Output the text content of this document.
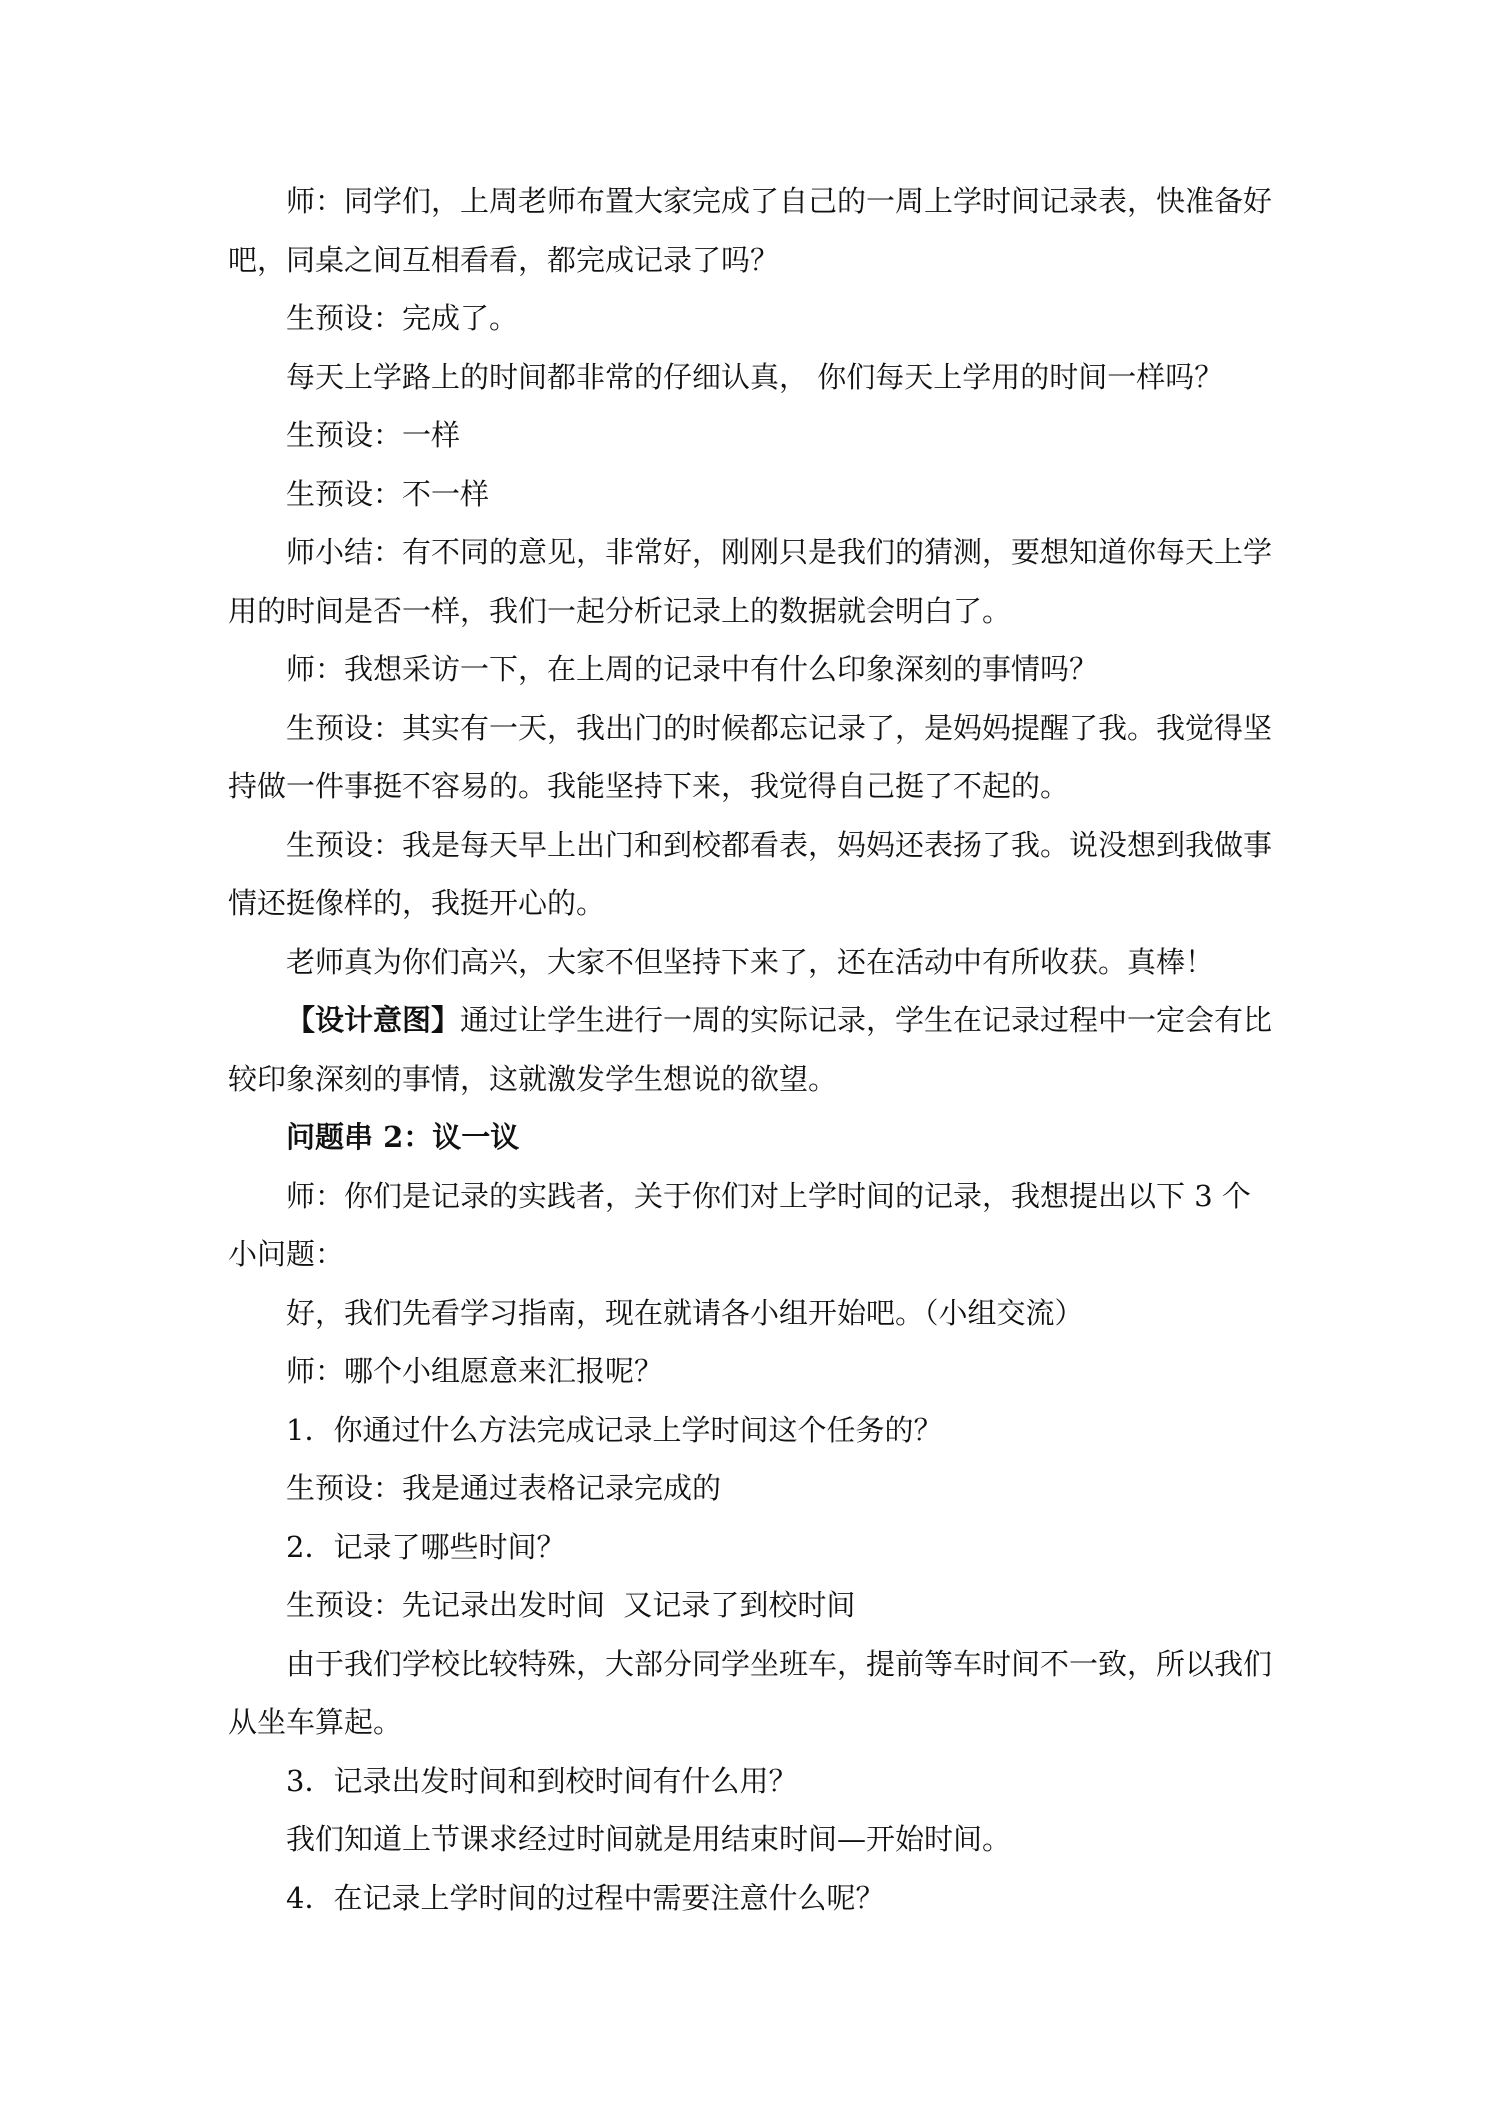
师：同学们，上周老师布置大家完成了自己的一周上学时间记录表，快准备好吧，同桌之间互相看看，都完成记录了吗？

生预设：完成了。

每天上学路上的时间都非常的仔细认真， 你们每天上学用的时间一样吗？

生预设：一样

生预设：不一样

师小结：有不同的意见，非常好，刚刚只是我们的猜测，要想知道你每天上学用的时间是否一样，我们一起分析记录上的数据就会明白了。

师：我想采访一下，在上周的记录中有什么印象深刻的事情吗？

生预设：其实有一天，我出门的时候都忘记录了，是妈妈提醒了我。我觉得坚持做一件事挺不容易的。我能坚持下来，我觉得自己挺了不起的。

生预设：我是每天早上出门和到校都看表，妈妈还表扬了我。说没想到我做事情还挺像样的，我挺开心的。

老师真为你们高兴，大家不但坚持下来了，还在活动中有所收获。真棒！

【设计意图】通过让学生进行一周的实际记录，学生在记录过程中一定会有比较印象深刻的事情，这就激发学生想说的欲望。

问题串 2：议一议

师：你们是记录的实践者，关于你们对上学时间的记录，我想提出以下 3 个小问题：

好，我们先看学习指南，现在就请各小组开始吧。（小组交流）

师：哪个小组愿意来汇报呢？

1．你通过什么方法完成记录上学时间这个任务的？

生预设：我是通过表格记录完成的

2．记录了哪些时间？

生预设：先记录出发时间  又记录了到校时间

由于我们学校比较特殊，大部分同学坐班车，提前等车时间不一致，所以我们从坐车算起。

3．记录出发时间和到校时间有什么用？

我们知道上节课求经过时间就是用结束时间—开始时间。

4．在记录上学时间的过程中需要注意什么呢？
